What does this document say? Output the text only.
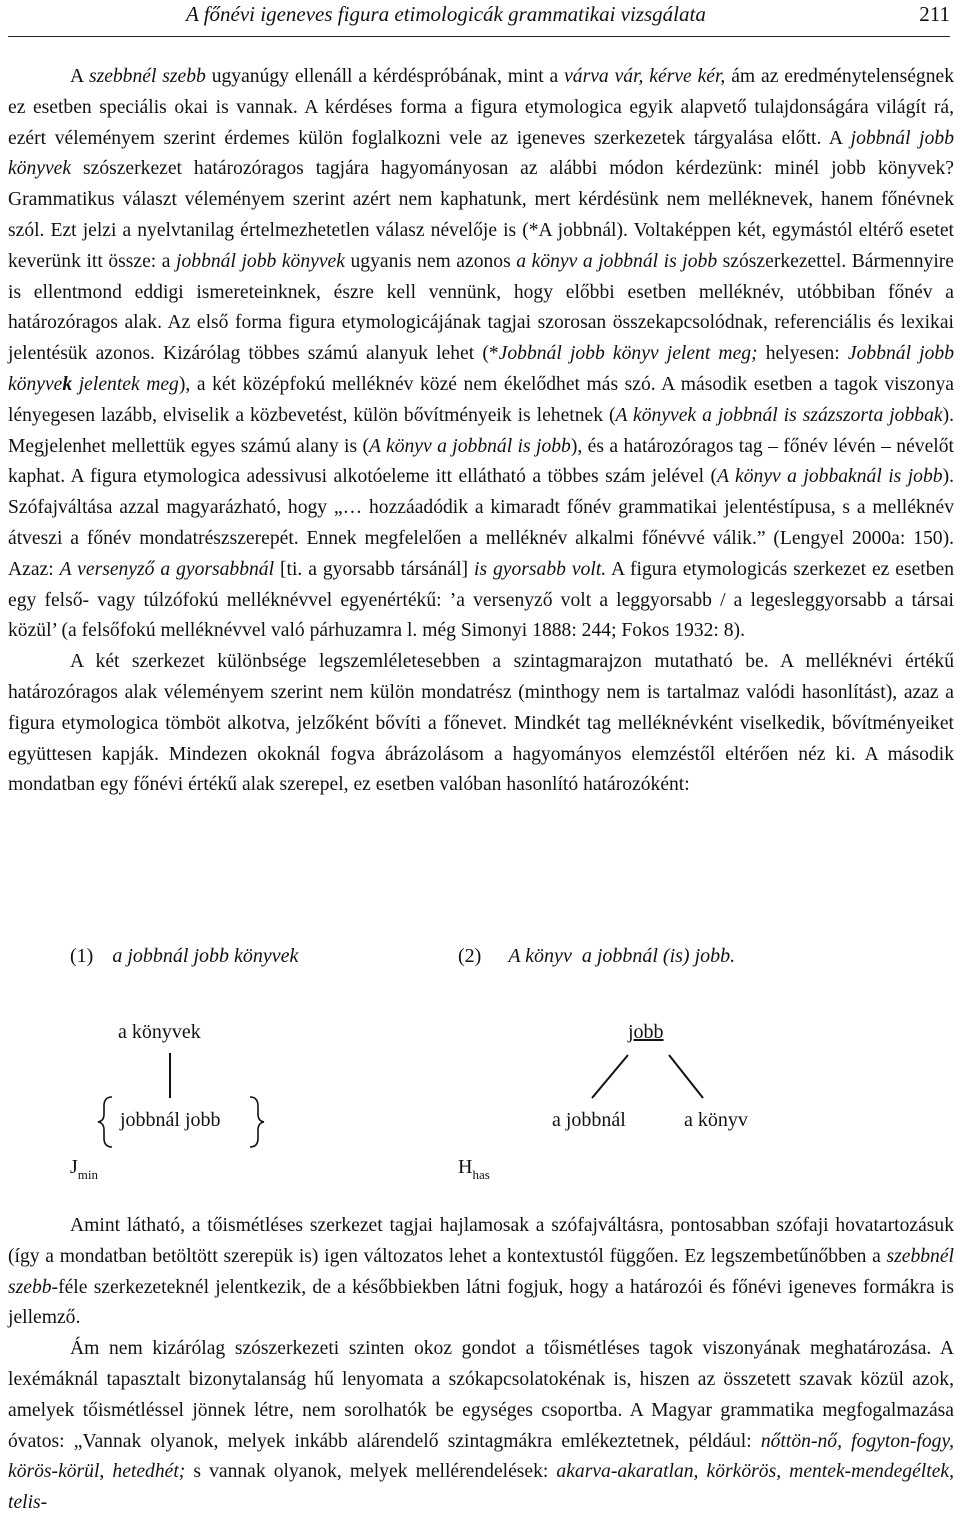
A főnévi igeneves figura etimologicák grammatikai vizsgálata	211

A szebbnél szebb ugyanúgy ellenáll a kérdéspróbának, mint a várva vár, kérve kér, ám az eredménytelenségnek ez esetben speciális okai is vannak. A kérdéses forma a figura etymologica egyik alapvető tulajdonságára világít rá, ezért véleményem szerint érdemes külön foglalkozni vele az igeneves szerkezetek tárgyalása előtt. A jobbnál jobb könyvek szószerkezet határozóragos tagjára hagyományosan az alábbi módon kérdezünk: minél jobb könyvek? Grammatikus választ véleményem szerint azért nem kaphatunk, mert kérdésünk nem melléknevek, hanem főnévnek szól. Ezt jelzi a nyelvtanilag értelmezhetetlen válasz névelője is (*A jobbnál). Voltaképpen két, egymástól eltérő esetet keverünk itt össze: a jobbnál jobb könyvek ugyanis nem azonos a könyv a jobbnál is jobb szószerkezettel. Bármennyire is ellentmond eddigi ismereteinknek, észre kell vennünk, hogy előbbi esetben melléknév, utóbbiban főnév a határozóragos alak. Az első forma figura etymologicájának tagjai szorosan összekapcsolódnak, referenciális és lexikai jelentésük azonos. Kizárólag többes számú alanyuk lehet (*Jobbnál jobb könyv jelent meg; helyesen: Jobbnál jobb könyvek jelentek meg), a két középfokú melléknév közé nem ékelődhet más szó. A második esetben a tagok viszonya lényegesen lazább, elviselik a közbevetést, külön bővítményeik is lehetnek (A könyvek a jobbnál is százszorta jobbak). Megjelenhet mellettük egyes számú alany is (A könyv a jobbnál is jobb), és a határozóragos tag – főnév lévén – névelőt kaphat. A figura etymologica adessivusi alkotóeleme itt ellátható a többes szám jelével (A könyv a jobbaknál is jobb). Szófajváltása azzal magyarázható, hogy „… hozzáadódik a kimaradt főnév grammatikai jelentéstípusa, s a melléknév átveszi a főnév mondatrészszerepét. Ennek megfelelően a melléknév alkalmi főnévvé válik.” (Lengyel 2000a: 150). Azaz: A versenyző a gyorsabbnál [ti. a gyorsabb társánál] is gyorsabb volt. A figura etymologicás szerkezet ez esetben egy felső- vagy túlzófokú melléknévvel egyenértékű: ’a versenyző volt a leggyorsabb / a legesleggyorsabb a társai közül’ (a felsőfokú melléknévvel való párhuzamra l. még Simonyi 1888: 244; Fokos 1932: 8).

A két szerkezet különbsége legszemléletesebben a szintagmarajzon mutatható be. A melléknévi értékű határozóragos alak véleményem szerint nem külön mondatrész (minthogy nem is tartalmaz valódi hasonlítást), azaz a figura etymologica tömböt alkotva, jelzőként bővíti a főnevet. Mindkét tag melléknévként viselkedik, bővítményeiket együttesen kapják. Mindezen okoknál fogva ábrázolásom a hagyományos elemzéstől eltérően néz ki. A második mondatban egy főnévi értékű alak szerepel, ez esetben valóban hasonlító határozóként:

(1) a jobbnál jobb könyvek	(2) A könyv  a jobbnál (is) jobb.
a könyvek
jobbnál jobb
$J_{min}$
jobb
a jobbnál	a könyv
$H_{has}$

Amint látható, a tőismétléses szerkezet tagjai hajlamosak a szófajváltásra, pontosabban szófaji hovatartozásuk (így a mondatban betöltött szerepük is) igen változatos lehet a kontextustól függően. Ez legszembetűnőbben a szebbnél szebb-féle szerkezeteknél jelentkezik, de a későbbiekben látni fogjuk, hogy a határozói és főnévi igeneves formákra is jellemző.

Ám nem kizárólag szószerkezeti szinten okoz gondot a tőismétléses tagok viszonyának meghatározása. A lexémáknál tapasztalt bizonytalanság hű lenyomata a szókapcsolatokénak is, hiszen az összetett szavak közül azok, amelyek tőismétléssel jönnek létre, nem sorolhatók be egységes csoportba. A Magyar grammatika megfogalmazása óvatos: „Vannak olyanok, melyek inkább alárendelő szintagmákra emlékeztetnek, például: nőttön-nő, fogyton-fogy, körös-körül, hetedhét; s vannak olyanok, melyek mellérendelések: akarva-akaratlan, körkörös, mentek-mendegéltek, telis-
